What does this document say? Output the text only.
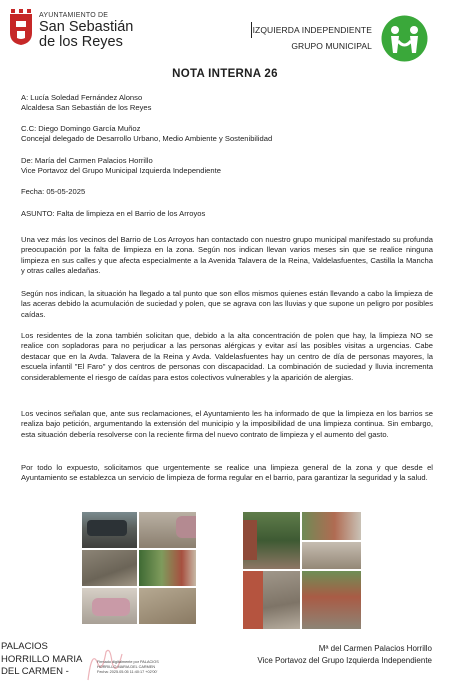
AYUNTAMIENTO DE
San Sebastián
de los Reyes
IZQUIERDA INDEPENDIENTE
GRUPO MUNICIPAL
NOTA INTERNA 26
A: Lucía Soledad Fernández Alonso
Alcaldesa San Sebastián de los Reyes
C.C: Diego Domingo García Muñoz
Concejal delegado de Desarrollo Urbano, Medio Ambiente y Sostenibilidad
De: María del Carmen Palacios Horrillo
Vice Portavoz del Grupo Municipal Izquierda Independiente
Fecha: 05-05-2025
ASUNTO: Falta de limpieza en el Barrio de los Arroyos
Una vez más los vecinos del Barrio de Los Arroyos han contactado con nuestro grupo municipal manifestado su profunda preocupación por la falta de limpieza en la zona. Según nos indican llevan varios meses sin que se realice ninguna limpieza en sus calles y que afecta especialmente a la Avenida Talavera de la Reina, Valdelasfuentes, Castilla la Mancha y otras calles aledañas.
Según nos indican, la situación ha llegado a tal punto que son ellos mismos quienes están llevando a cabo la limpieza de las aceras debido la acumulación de suciedad y polen, que se agrava con las lluvias y que supone un peligro por posibles caídas.
Los residentes de la zona también solicitan que, debido a la alta concentración de polen que hay, la limpieza NO se realice con sopladoras para no perjudicar a las personas alérgicas y evitar así las posibles visitas a urgencias. Cabe destacar que en la Avda. Talavera de la Reina y Avda. Valdelasfuentes hay un centro de día de personas mayores, la escuela infantil "El Faro" y dos centros de personas con discapacidad. La combinación de suciedad y lluvia incrementa considerablemente el riesgo de caídas para estos colectivos vulnerables y la aparición de alergias.
Los vecinos señalan que, ante sus reclamaciones, el Ayuntamiento les ha informado de que la limpieza en los barrios se realiza bajo petición, argumentando la extensión del municipio y la imposibilidad de una limpieza continua. Sin embargo, esta situación debería resolverse con la reciente firma del nuevo contrato de limpieza y el aumento del gasto.
Por todo lo expuesto, solicitamos que urgentemente se realice una limpieza general de la zona y que desde el Ayuntamiento se establezca un servicio de limpieza de forma regular en el barrio, para garantizar la seguridad y la salud.
PALACIOS
HORRILLO MARIA
DEL CARMEN -
Firmado digitalmente por PALACIOS
HORRILLO MARIA DEL CARMEN
Fecha: 2025.05.05 11:40:17 +02'00'
Mª del Carmen Palacios Horrillo
Vice Portavoz del Grupo Izquierda Independiente
